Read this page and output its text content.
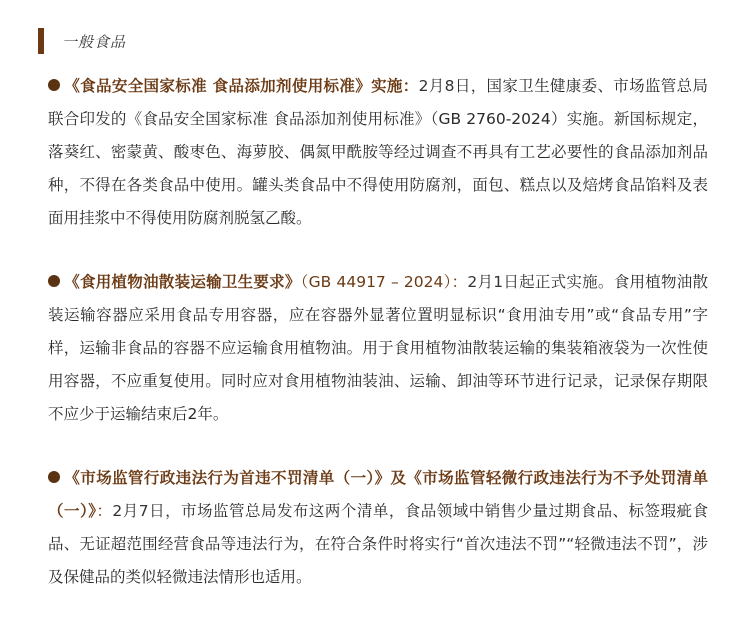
一般食品
《食品安全国家标准 食品添加剂使用标准》实施：2月8日，国家卫生健康委、市场监管总局联合印发的《食品安全国家标准 食品添加剂使用标准》（GB 2760-2024）实施。新国标规定，落葵红、密蒙黄、酸枣色、海萝胶、偶氮甲酰胺等经过调查不再具有工艺必要性的食品添加剂品种，不得在各类食品中使用。罐头类食品中不得使用防腐剂，面包、糕点以及焙烤食品馅料及表面用挂浆中不得使用防腐剂脱氢乙酸。
《食用植物油散装运输卫生要求》（GB 44917 – 2024）：2月1日起正式实施。食用植物油散装运输容器应采用食品专用容器，应在容器外显著位置明显标识“食用油专用”或“食品专用”字样，运输非食品的容器不应运输食用植物油。用于食用植物油散装运输的集装箱液袋为一次性使用容器，不应重复使用。同时应对食用植物油装油、运输、卸油等环节进行记录，记录保存期限不应少于运输结束后2年。
《市场监管行政违法行为首违不罚清单（一）》及《市场监管轻微行政违法行为不予处罚清单（一）》：2月7日，市场监管总局发布这两个清单，食品领域中销售少量过期食品、标签瑕疵食品、无证超范围经营食品等违法行为，在符合条件时将实行“首次违法不罚”“轻微违法不罚”，涉及保健品的类似轻微违法情形也适用。
